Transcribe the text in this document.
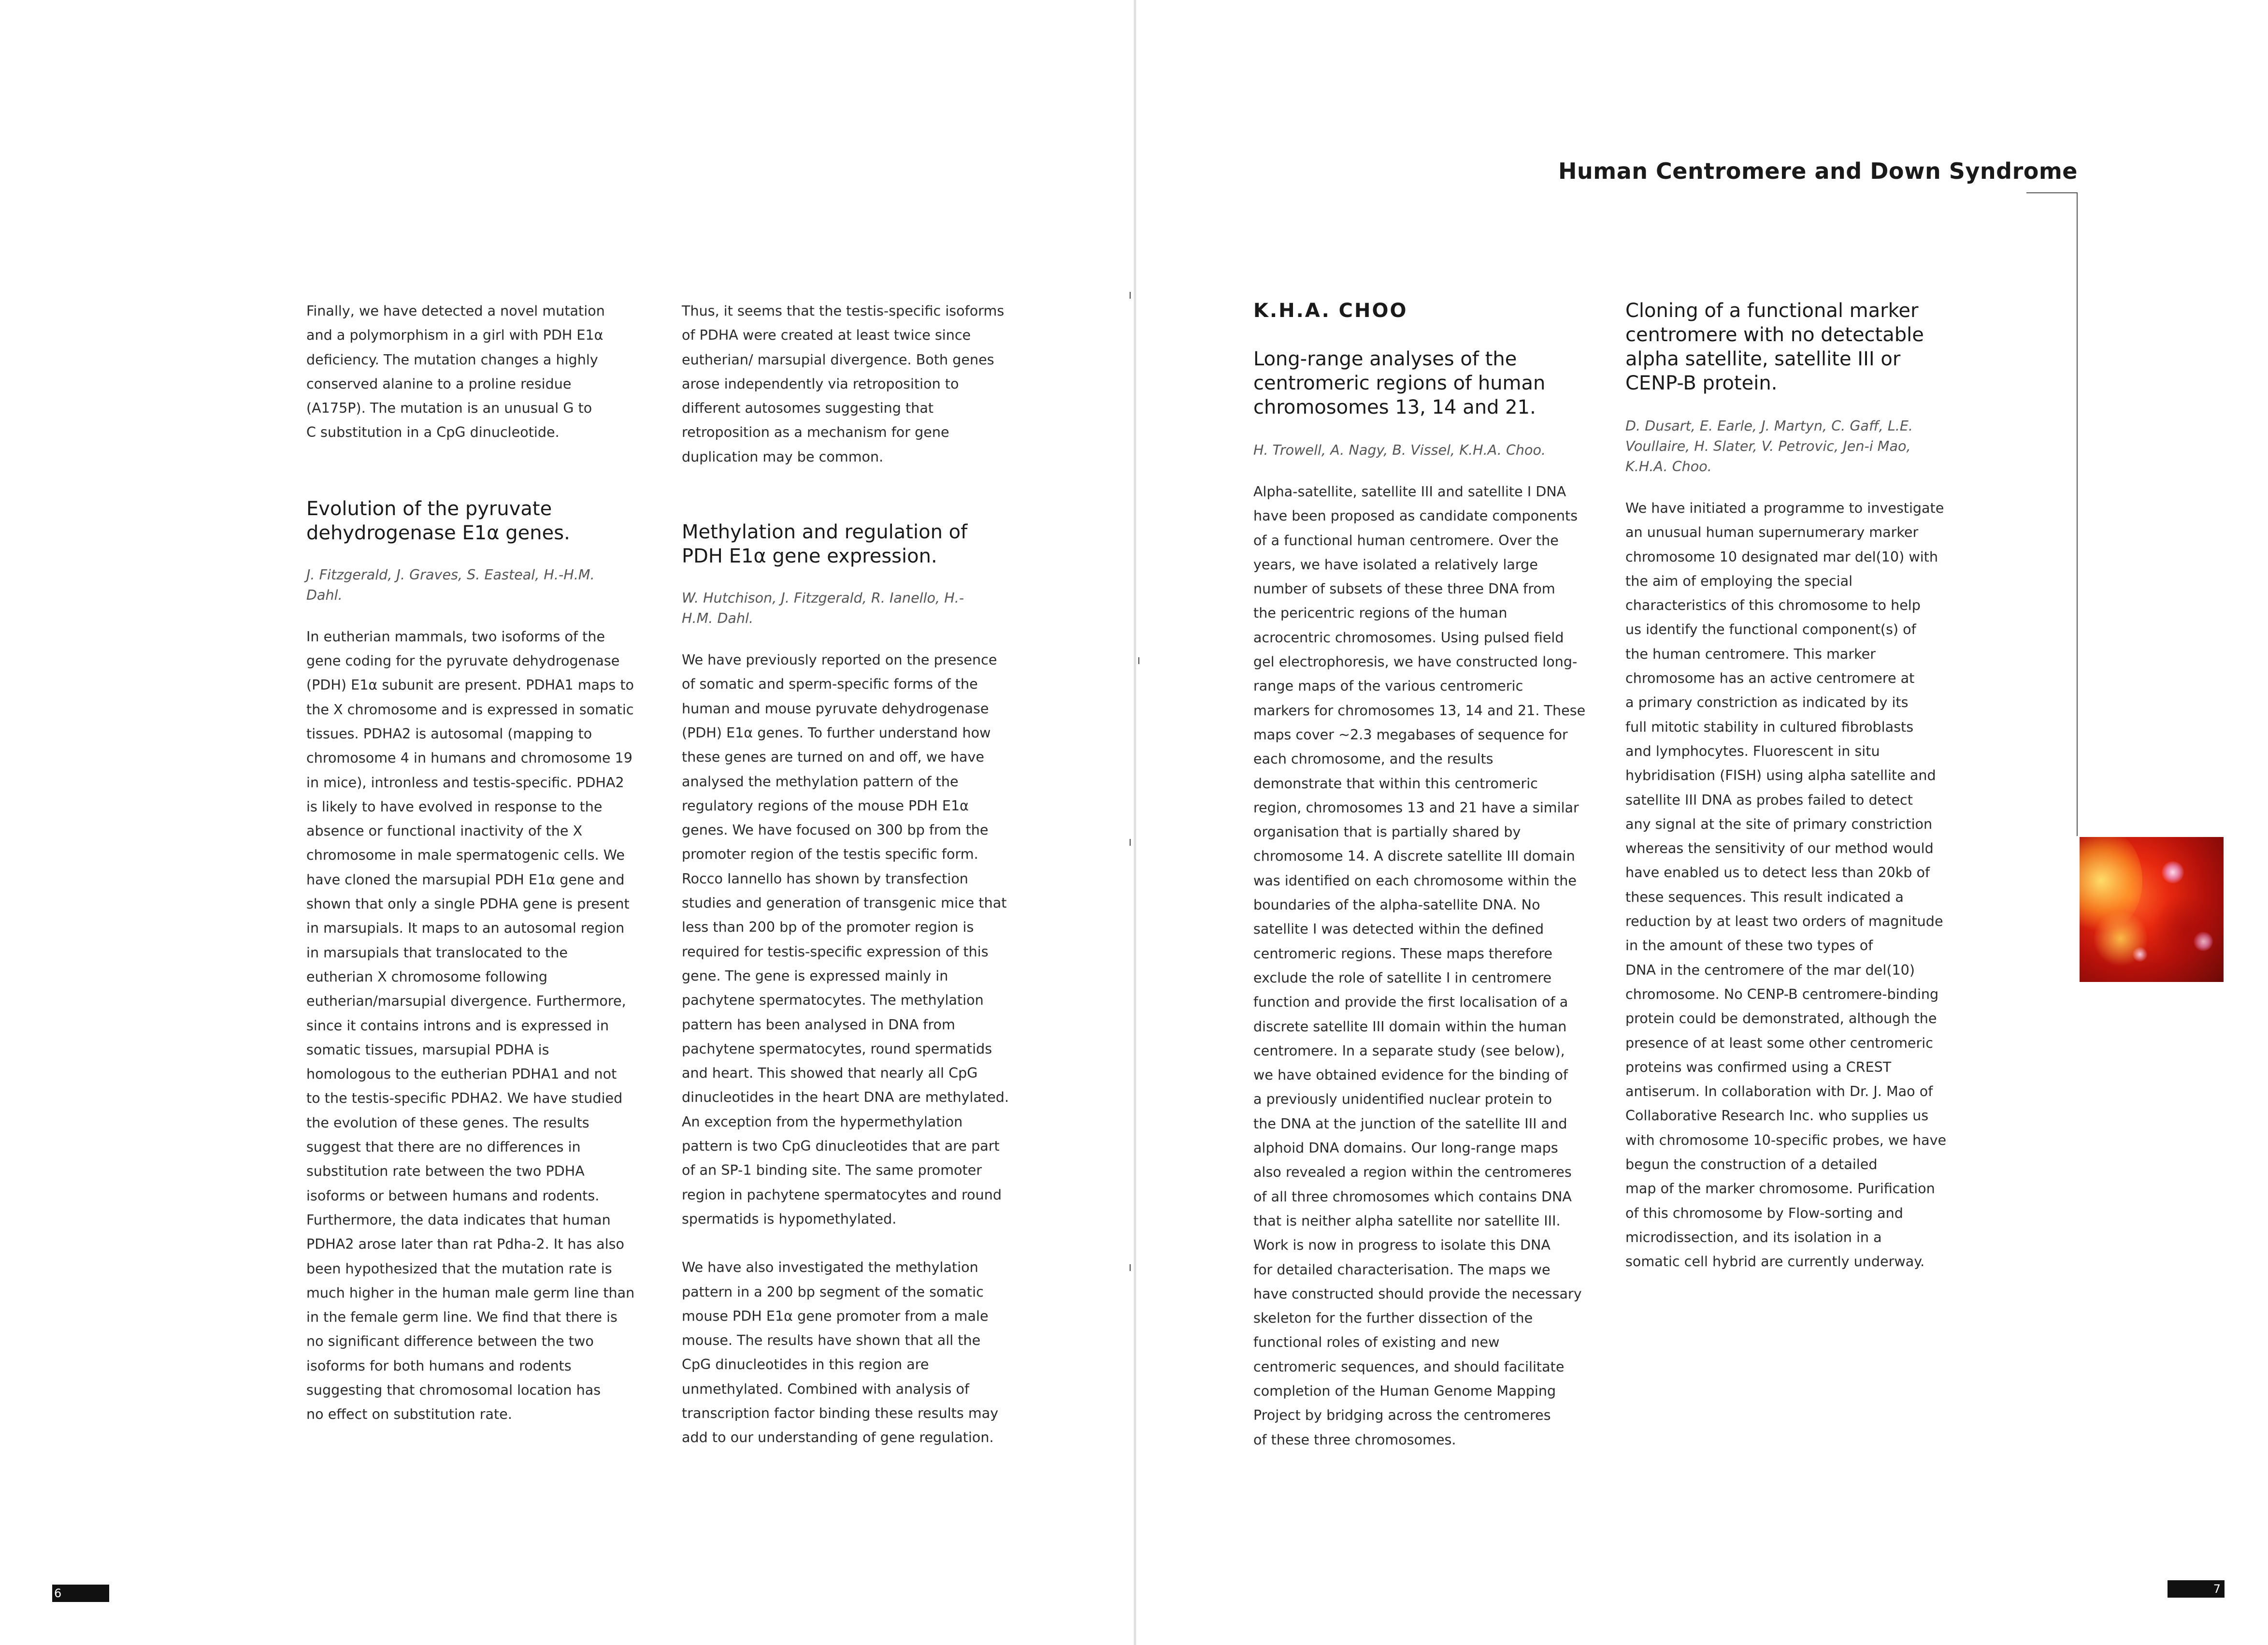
Finally, we have detected a novel mutation
and a polymorphism in a girl with PDH E1α
deficiency. The mutation changes a highly
conserved alanine to a proline residue
(A175P). The mutation is an unusual G to
C substitution in a CpG dinucleotide.

Evolution of the pyruvate
dehydrogenase E1α genes.

J. Fitzgerald, J. Graves, S. Easteal, H.-H.M.
Dahl.

In eutherian mammals, two isoforms of the
gene coding for the pyruvate dehydrogenase
(PDH) E1α subunit are present. PDHA1 maps to
the X chromosome and is expressed in somatic
tissues. PDHA2 is autosomal (mapping to
chromosome 4 in humans and chromosome 19
in mice), intronless and testis-specific. PDHA2
is likely to have evolved in response to the
absence or functional inactivity of the X
chromosome in male spermatogenic cells. We
have cloned the marsupial PDH E1α gene and
shown that only a single PDHA gene is present
in marsupials. It maps to an autosomal region
in marsupials that translocated to the
eutherian X chromosome following
eutherian/marsupial divergence. Furthermore,
since it contains introns and is expressed in
somatic tissues, marsupial PDHA is
homologous to the eutherian PDHA1 and not
to the testis-specific PDHA2. We have studied
the evolution of these genes. The results
suggest that there are no differences in
substitution rate between the two PDHA
isoforms or between humans and rodents.
Furthermore, the data indicates that human
PDHA2 arose later than rat Pdha-2. It has also
been hypothesized that the mutation rate is
much higher in the human male germ line than
in the female germ line. We find that there is
no significant difference between the two
isoforms for both humans and rodents
suggesting that chromosomal location has
no effect on substitution rate.

Thus, it seems that the testis-specific isoforms
of PDHA were created at least twice since
eutherian/ marsupial divergence. Both genes
arose independently via retroposition to
different autosomes suggesting that
retroposition as a mechanism for gene
duplication may be common.

Methylation and regulation of
PDH E1α gene expression.

W. Hutchison, J. Fitzgerald, R. Ianello, H.-
H.M. Dahl.

We have previously reported on the presence
of somatic and sperm-specific forms of the
human and mouse pyruvate dehydrogenase
(PDH) E1α genes. To further understand how
these genes are turned on and off, we have
analysed the methylation pattern of the
regulatory regions of the mouse PDH E1α
genes. We have focused on 300 bp from the
promoter region of the testis specific form.
Rocco Iannello has shown by transfection
studies and generation of transgenic mice that
less than 200 bp of the promoter region is
required for testis-specific expression of this
gene. The gene is expressed mainly in
pachytene spermatocytes. The methylation
pattern has been analysed in DNA from
pachytene spermatocytes, round spermatids
and heart. This showed that nearly all CpG
dinucleotides in the heart DNA are methylated.
An exception from the hypermethylation
pattern is two CpG dinucleotides that are part
of an SP-1 binding site. The same promoter
region in pachytene spermatocytes and round
spermatids is hypomethylated.

We have also investigated the methylation
pattern in a 200 bp segment of the somatic
mouse PDH E1α gene promoter from a male
mouse. The results have shown that all the
CpG dinucleotides in this region are
unmethylated. Combined with analysis of
transcription factor binding these results may
add to our understanding of gene regulation.

Human Centromere and Down Syndrome

K.H.A. CHOO

Long-range analyses of the
centromeric regions of human
chromosomes 13, 14 and 21.

H. Trowell, A. Nagy, B. Vissel, K.H.A. Choo.

Alpha-satellite, satellite III and satellite I DNA
have been proposed as candidate components
of a functional human centromere. Over the
years, we have isolated a relatively large
number of subsets of these three DNA from
the pericentric regions of the human
acrocentric chromosomes. Using pulsed field
gel electrophoresis, we have constructed long-
range maps of the various centromeric
markers for chromosomes 13, 14 and 21. These
maps cover ~2.3 megabases of sequence for
each chromosome, and the results
demonstrate that within this centromeric
region, chromosomes 13 and 21 have a similar
organisation that is partially shared by
chromosome 14. A discrete satellite III domain
was identified on each chromosome within the
boundaries of the alpha-satellite DNA. No
satellite I was detected within the defined
centromeric regions. These maps therefore
exclude the role of satellite I in centromere
function and provide the first localisation of a
discrete satellite III domain within the human
centromere. In a separate study (see below),
we have obtained evidence for the binding of
a previously unidentified nuclear protein to
the DNA at the junction of the satellite III and
alphoid DNA domains. Our long-range maps
also revealed a region within the centromeres
of all three chromosomes which contains DNA
that is neither alpha satellite nor satellite III.
Work is now in progress to isolate this DNA
for detailed characterisation. The maps we
have constructed should provide the necessary
skeleton for the further dissection of the
functional roles of existing and new
centromeric sequences, and should facilitate
completion of the Human Genome Mapping
Project by bridging across the centromeres
of these three chromosomes.

Cloning of a functional marker
centromere with no detectable
alpha satellite, satellite III or
CENP-B protein.

D. Dusart, E. Earle, J. Martyn, C. Gaff, L.E.
Voullaire, H. Slater, V. Petrovic, Jen-i Mao,
K.H.A. Choo.

We have initiated a programme to investigate
an unusual human supernumerary marker
chromosome 10 designated mar del(10) with
the aim of employing the special
characteristics of this chromosome to help
us identify the functional component(s) of
the human centromere. This marker
chromosome has an active centromere at
a primary constriction as indicated by its
full mitotic stability in cultured fibroblasts
and lymphocytes. Fluorescent in situ
hybridisation (FISH) using alpha satellite and
satellite III DNA as probes failed to detect
any signal at the site of primary constriction
whereas the sensitivity of our method would
have enabled us to detect less than 20kb of
these sequences. This result indicated a
reduction by at least two orders of magnitude
in the amount of these two types of
DNA in the centromere of the mar del(10)
chromosome. No CENP-B centromere-binding
protein could be demonstrated, although the
presence of at least some other centromeric
proteins was confirmed using a CREST
antiserum. In collaboration with Dr. J. Mao of
Collaborative Research Inc. who supplies us
with chromosome 10-specific probes, we have
begun the construction of a detailed
map of the marker chromosome. Purification
of this chromosome by Flow-sorting and
microdissection, and its isolation in a
somatic cell hybrid are currently underway.

6	7
